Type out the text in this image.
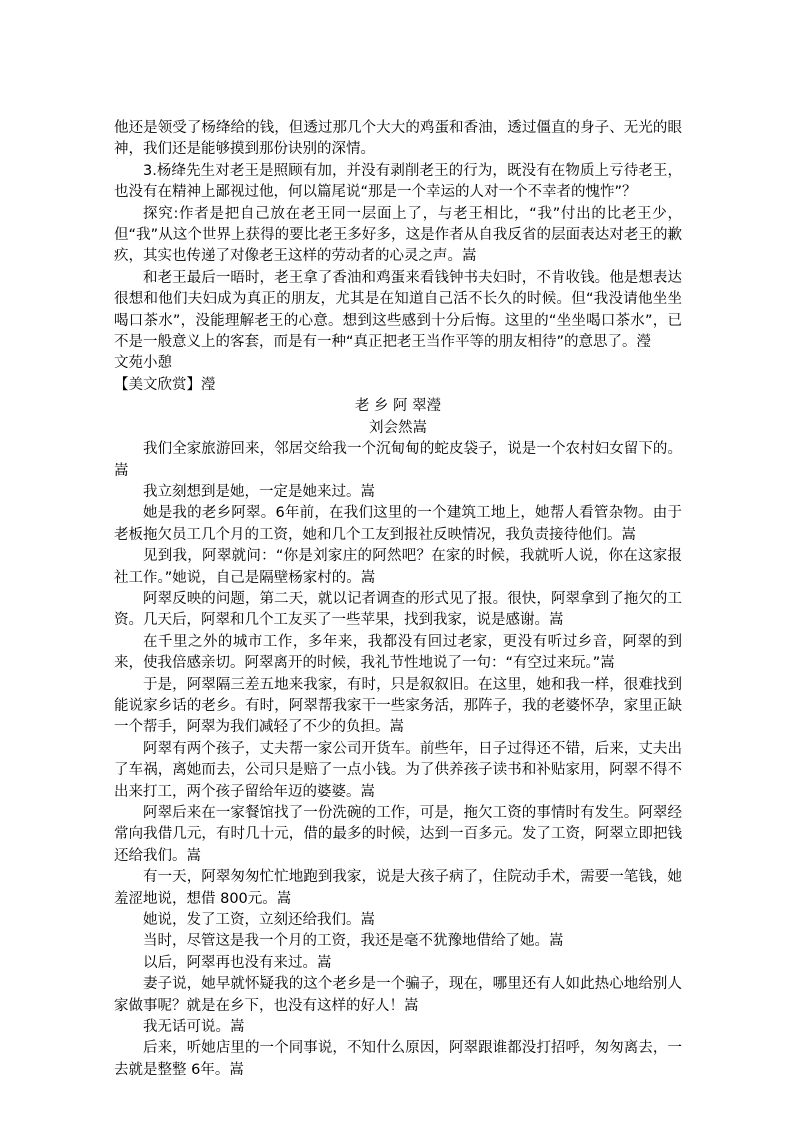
他还是领受了杨绛给的钱，但透过那几个大大的鸡蛋和香油，透过僵直的身子、无光的眼神，我们还是能够摸到那份诀别的深情。

3.杨绛先生对老王是照顾有加，并没有剥削老王的行为，既没有在物质上亏待老王，也没有在精神上鄙视过他，何以篇尾说“那是一个幸运的人对一个不幸者的愧怍”？

探究:作者是把自己放在老王同一层面上了，与老王相比，“我”付出的比老王少，但“我”从这个世界上获得的要比老王多好多，这是作者从自我反省的层面表达对老王的歉疚，其实也传递了对像老王这样的劳动者的心灵之声。嵩

和老王最后一晤时，老王拿了香油和鸡蛋来看钱钟书夫妇时，不肯收钱。他是想表达很想和他们夫妇成为真正的朋友，尤其是在知道自己活不长久的时候。但“我没请他坐坐喝口茶水”，没能理解老王的心意。想到这些感到十分后悔。这里的“坐坐喝口茶水”，已不是一般意义上的客套，而是有一种“真正把老王当作平等的朋友相待”的意思了。瀅

文苑小憩

【美文欣赏】瀅

老 乡 阿 翠瀅

刘会然嵩

我们全家旅游回来，邻居交给我一个沉甸甸的蛇皮袋子，说是一个农村妇女留下的。嵩

我立刻想到是她，一定是她来过。嵩

她是我的老乡阿翠。6年前，在我们这里的一个建筑工地上，她帮人看管杂物。由于老板拖欠员工几个月的工资，她和几个工友到报社反映情况，我负责接待他们。嵩

见到我，阿翠就问：“你是刘家庄的阿然吧？在家的时候，我就听人说，你在这家报社工作。”她说，自己是隔壁杨家村的。嵩

阿翠反映的问题，第二天，就以记者调查的形式见了报。很快，阿翠拿到了拖欠的工资。几天后，阿翠和几个工友买了一些苹果，找到我家，说是感谢。嵩

在千里之外的城市工作，多年来，我都没有回过老家，更没有听过乡音，阿翠的到来，使我倍感亲切。阿翠离开的时候，我礼节性地说了一句：“有空过来玩。”嵩

于是，阿翠隔三差五地来我家，有时，只是叙叙旧。在这里，她和我一样，很难找到能说家乡话的老乡。有时，阿翠帮我家干一些家务活，那阵子，我的老婆怀孕，家里正缺一个帮手，阿翠为我们减轻了不少的负担。嵩

阿翠有两个孩子，丈夫帮一家公司开货车。前些年，日子过得还不错，后来，丈夫出了车祸，离她而去，公司只是赔了一点小钱。为了供养孩子读书和补贴家用，阿翠不得不出来打工，两个孩子留给年迈的婆婆。嵩

阿翠后来在一家餐馆找了一份洗碗的工作，可是，拖欠工资的事情时有发生。阿翠经常向我借几元，有时几十元，借的最多的时候，达到一百多元。发了工资，阿翠立即把钱还给我们。嵩

有一天，阿翠匆匆忙忙地跑到我家，说是大孩子病了，住院动手术，需要一笔钱，她羞涩地说，想借 800元。嵩

她说，发了工资，立刻还给我们。嵩

当时，尽管这是我一个月的工资，我还是毫不犹豫地借给了她。嵩

以后，阿翠再也没有来过。嵩

妻子说，她早就怀疑我的这个老乡是一个骗子，现在，哪里还有人如此热心地给别人家做事呢？就是在乡下，也没有这样的好人！嵩

我无话可说。嵩

后来，听她店里的一个同事说，不知什么原因，阿翠跟谁都没打招呼，匆匆离去，一去就是整整 6年。嵩
